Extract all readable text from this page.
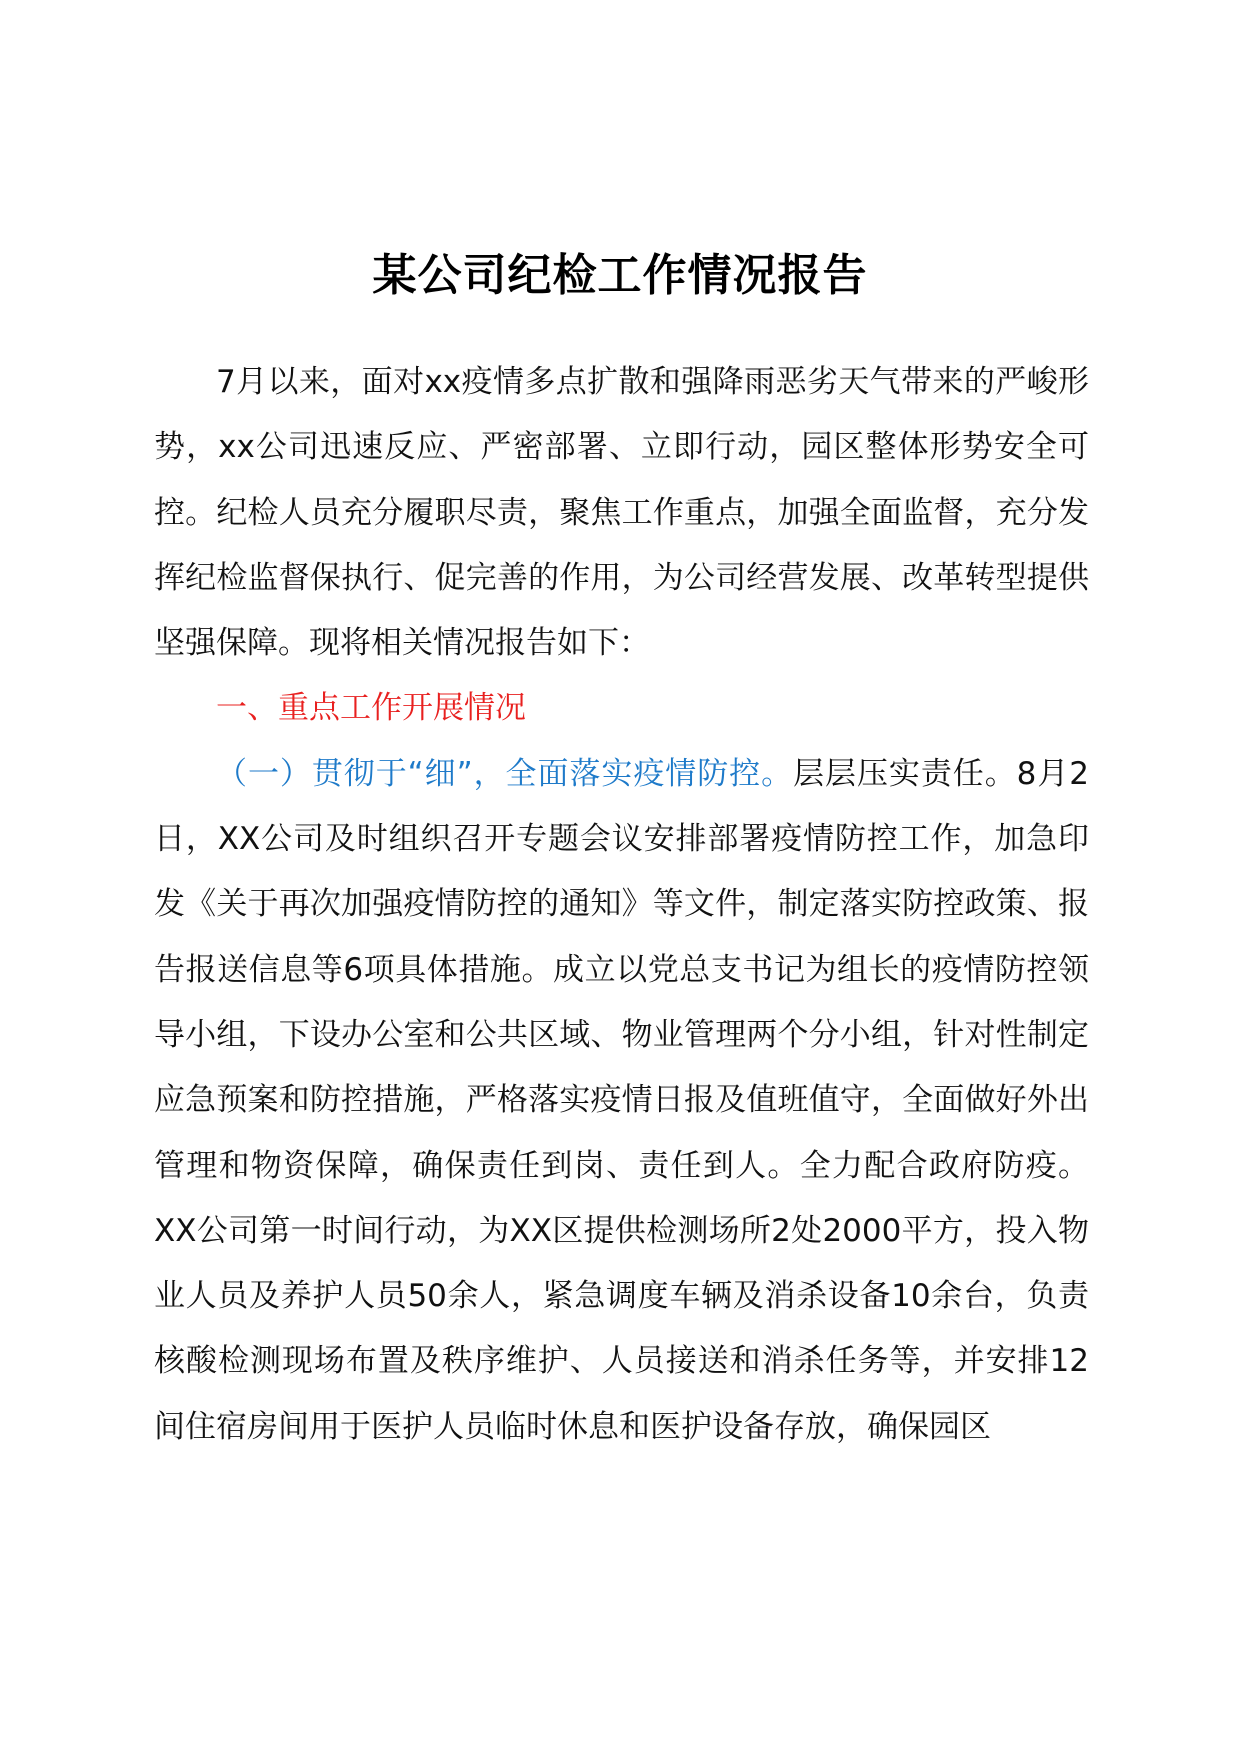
某公司纪检工作情况报告

7月以来，面对xx疫情多点扩散和强降雨恶劣天气带来的严峻形势，xx公司迅速反应、严密部署、立即行动，园区整体形势安全可控。纪检人员充分履职尽责，聚焦工作重点，加强全面监督，充分发挥纪检监督保执行、促完善的作用，为公司经营发展、改革转型提供坚强保障。现将相关情况报告如下：

一、重点工作开展情况

（一）贯彻于“细”，全面落实疫情防控。层层压实责任。8月2日，XX公司及时组织召开专题会议安排部署疫情防控工作，加急印发《关于再次加强疫情防控的通知》等文件，制定落实防控政策、报告报送信息等6项具体措施。成立以党总支书记为组长的疫情防控领导小组，下设办公室和公共区域、物业管理两个分小组，针对性制定应急预案和防控措施，严格落实疫情日报及值班值守，全面做好外出管理和物资保障，确保责任到岗、责任到人。全力配合政府防疫。XX公司第一时间行动，为XX区提供检测场所2处2000平方，投入物业人员及养护人员50余人，紧急调度车辆及消杀设备10余台，负责核酸检测现场布置及秩序维护、人员接送和消杀任务等，并安排12间住宿房间用于医护人员临时休息和医护设备存放，确保园区
